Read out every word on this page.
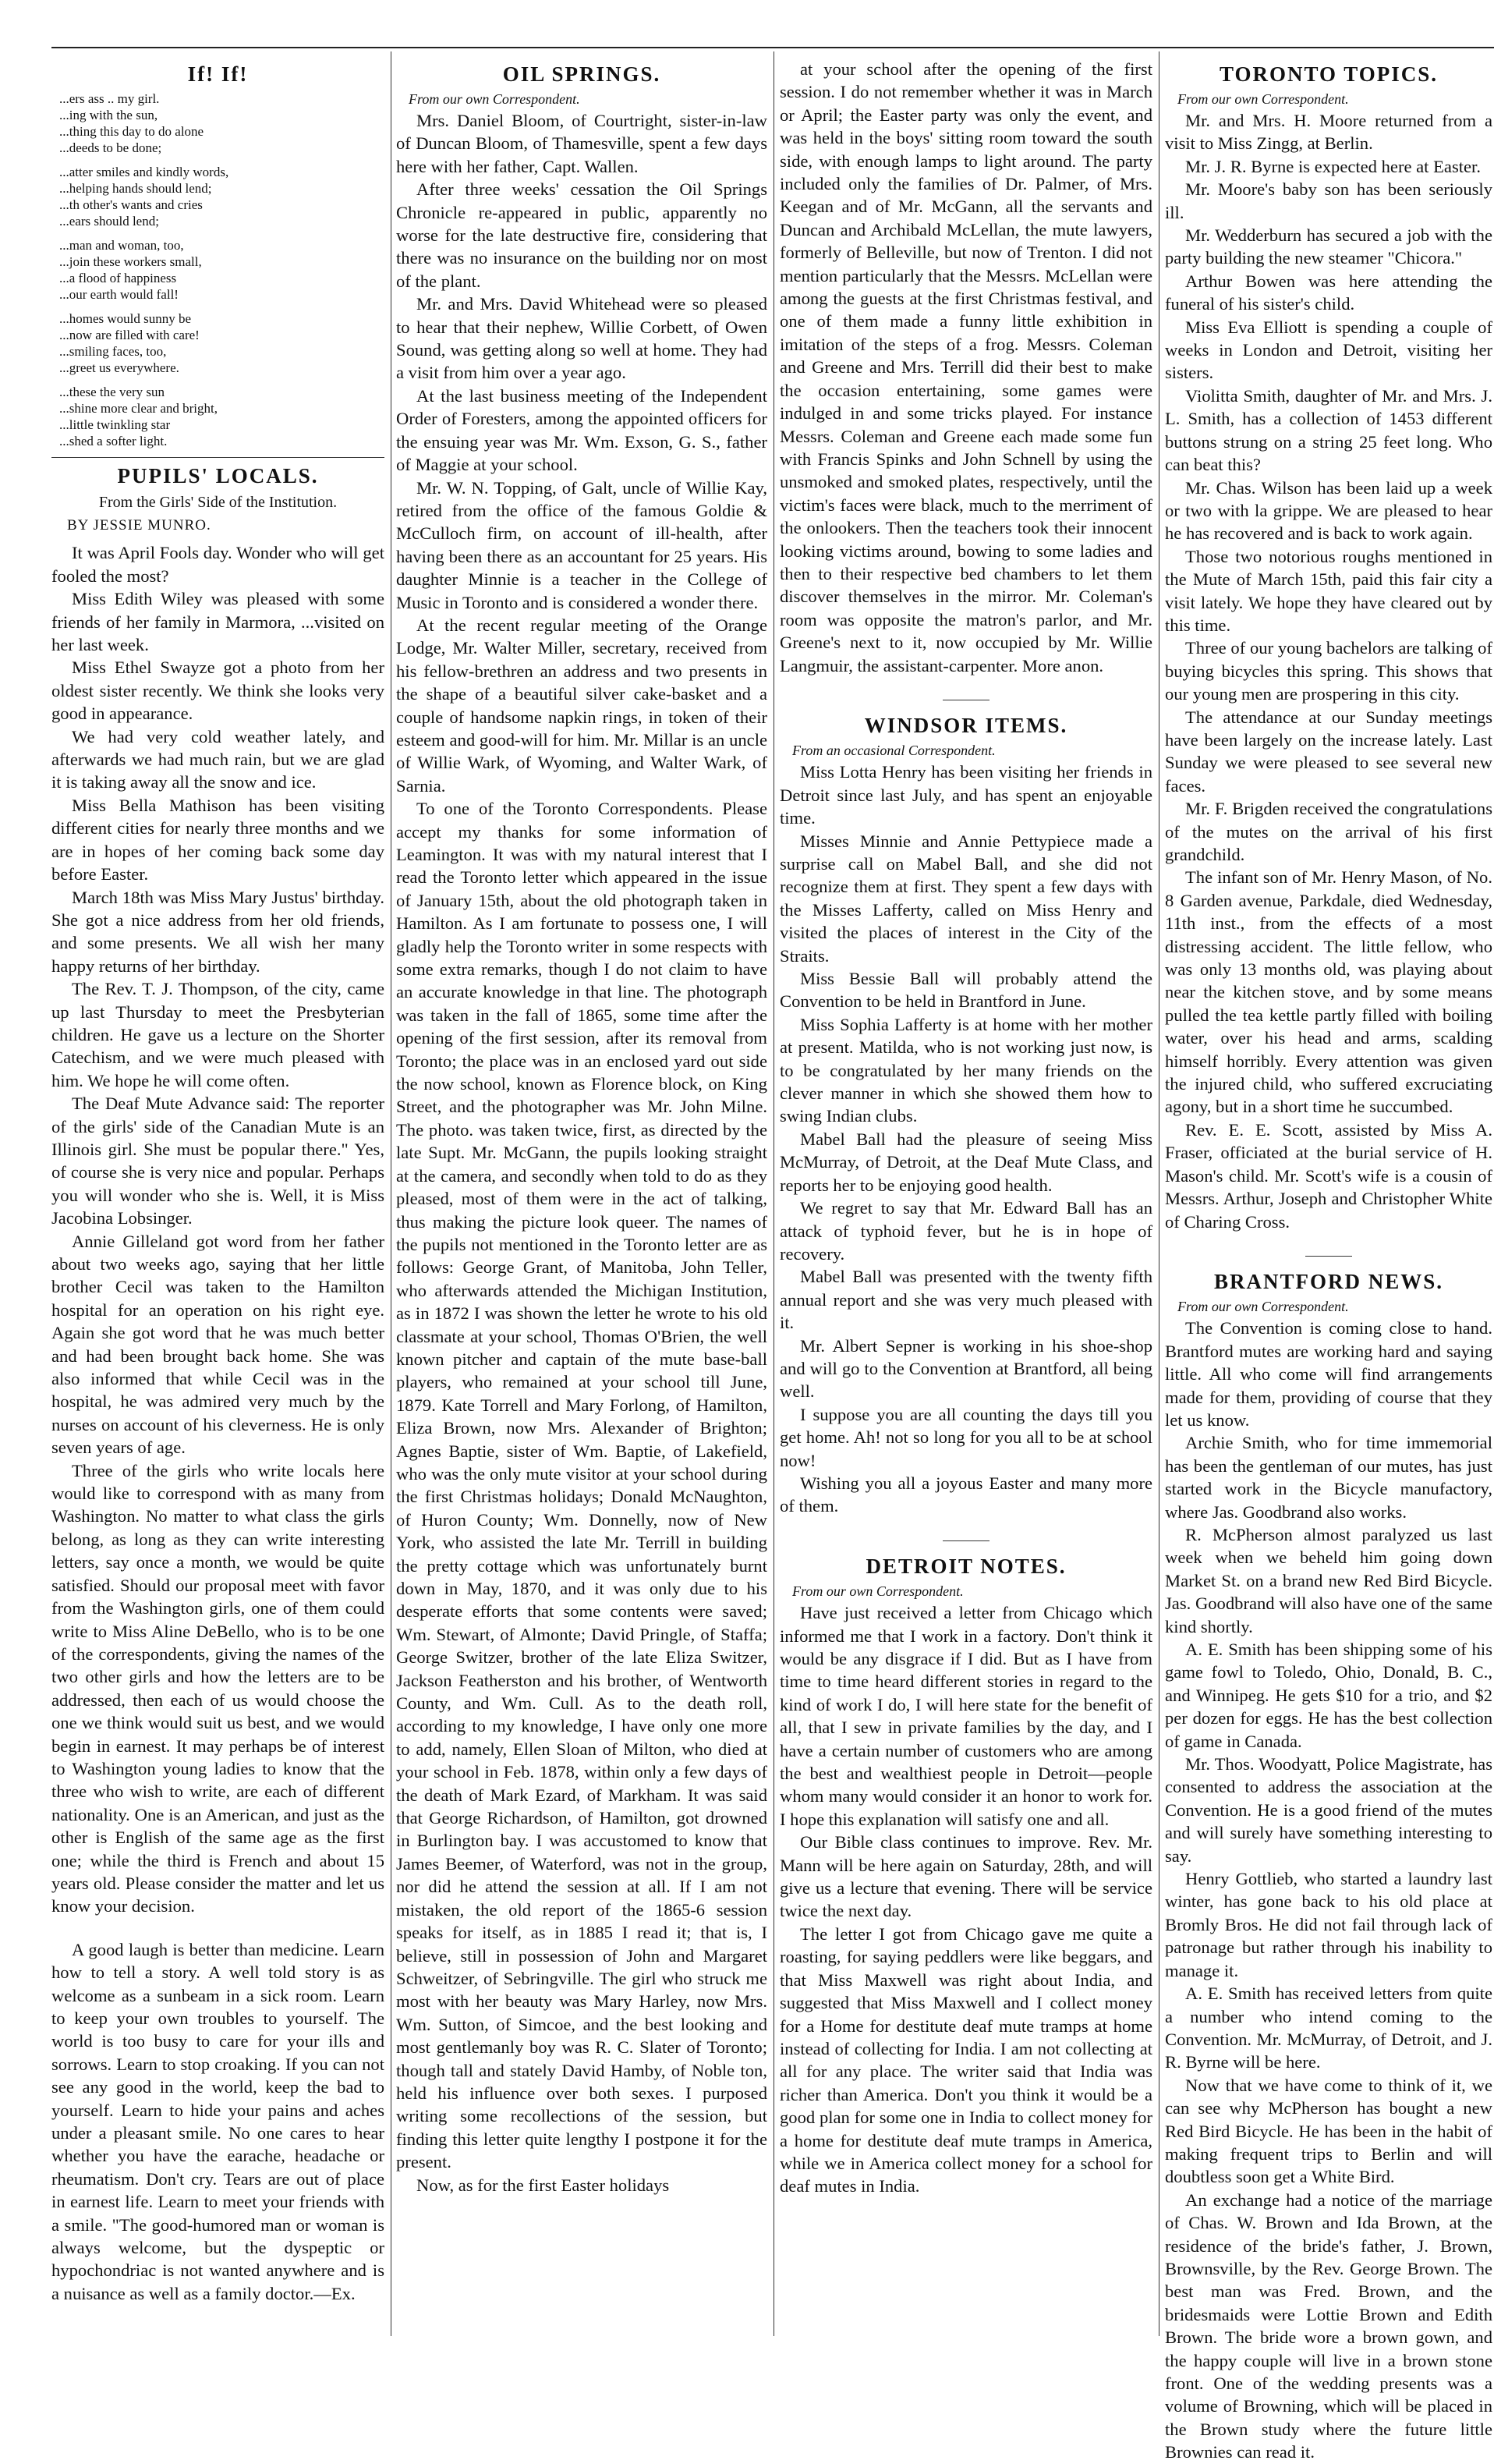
If! If!
...ers ass .. my girl.
...ing with the sun,
...thing this day to do alone
...deeds to be done;
...atter smiles and kindly words,
...helping hands should lend;
...th other's wants and cries
...ears should lend;
...man and woman, too,
...join these workers small,
...a flood of happiness
...our earth would fall!
...homes would sunny be
...now are filled with care!
...smiling faces, too,
...greet us everywhere.
...these the very sun
...shine more clear and bright,
...little twinkling star
...shed a softer light.
PUPILS' LOCALS.
From the Girls' Side of the Institution.
BY JESSIE MUNRO.

It was April Fools day. Wonder who will get fooled the most?

Miss Edith Wiley was pleased with some friends of her family in Marmora, ...visited on her last week.

Miss Ethel Swayze got a photo from her oldest sister recently. We think she looks very good in appearance.

We had very cold weather lately, and afterwards we had much rain, but we are glad it is taking away all the snow and ice.

Miss Bella Mathison has been visiting different cities for nearly three months and we are in hopes of her coming back some day before Easter.

March 18th was Miss Mary Justus' birthday. She got a nice address from her old friends, and some presents. We all wish her many happy returns of her birthday.

The Rev. T. J. Thompson, of the city, came up last Thursday to meet the Presbyterian children. He gave us a lecture on the Shorter Catechism, and we were much pleased with him. We hope he will come often.

The Deaf Mute Advance said: The reporter of the girls' side of the Canadian Mute is an Illinois girl. She must be popular there." Yes, of course she is very nice and popular. Perhaps you will wonder who she is. Well, it is Miss Jacobina Lobsinger.

Annie Gilleland got word from her father about two weeks ago, saying that her little brother Cecil was taken to the Hamilton hospital for an operation on his right eye. Again she got word that he was much better and had been brought back home. She was also informed that while Cecil was in the hospital, he was admired very much by the nurses on account of his cleverness. He is only seven years of age.

Three of the girls who write locals here would like to correspond with as many from Washington. No matter to what class the girls belong, as long as they can write interesting letters, say once a month, we would be quite satisfied. Should our proposal meet with favor from the Washington girls, one of them could write to Miss Aline DeBello, who is to be one of the correspondents, giving the names of the two other girls and how the letters are to be addressed, then each of us would choose the one we think would suit us best, and we would begin in earnest. It may perhaps be of interest to Washington young ladies to know that the three who wish to write, are each of different nationality. One is an American, and just as the other is English of the same age as the first one; while the third is French and about 15 years old. Please consider the matter and let us know your decision.

A good laugh is better than medicine. Learn how to tell a story. A well told story is as welcome as a sunbeam in a sick room. Learn to keep your own troubles to yourself. The world is too busy to care for your ills and sorrows. Learn to stop croaking. If you can not see any good in the world, keep the bad to yourself. Learn to hide your pains and aches under a pleasant smile. No one cares to hear whether you have the earache, headache or rheumatism. Don't cry. Tears are out of place in earnest life. Learn to meet your friends with a smile. "The good-humored man or woman is always welcome, but the dyspeptic or hypochondriac is not wanted anywhere and is a nuisance as well as a family doctor.—Ex.

OIL SPRINGS.
From our own Correspondent.

Mrs. Daniel Bloom, of Courtright, sister-in-law of Duncan Bloom, of Thamesville, spent a few days here with her father, Capt. Wallen.

After three weeks' cessation the Oil Springs Chronicle re-appeared in public, apparently no worse for the late destructive fire, considering that there was no insurance on the building nor on most of the plant.

Mr. and Mrs. David Whitehead were so pleased to hear that their nephew, Willie Corbett, of Owen Sound, was getting along so well at home. They had a visit from him over a year ago.

At the last business meeting of the Independent Order of Foresters, among the appointed officers for the ensuing year was Mr. Wm. Exson, G. S., father of Maggie at your school.

Mr. W. N. Topping, of Galt, uncle of Willie Kay, retired from the office of the famous Goldie & McCulloch firm, on account of ill-health, after having been there as an accountant for 25 years. His daughter Minnie is a teacher in the College of Music in Toronto and is considered a wonder there.

At the recent regular meeting of the Orange Lodge, Mr. Walter Miller, secretary, received from his fellow-brethren an address and two presents in the shape of a beautiful silver cake-basket and a couple of handsome napkin rings, in token of their esteem and good-will for him. Mr. Millar is an uncle of Willie Wark, of Wyoming, and Walter Wark, of Sarnia.

To one of the Toronto Correspondents. Please accept my thanks for some information of Leamington. It was with my natural interest that I read the Toronto letter which appeared in the issue of January 15th, about the old photograph taken in Hamilton. As I am fortunate to possess one, I will gladly help the Toronto writer in some respects with some extra remarks, though I do not claim to have an accurate knowledge in that line. The photograph was taken in the fall of 1865, some time after the opening of the first session, after its removal from Toronto; the place was in an enclosed yard out side the now school, known as Florence block, on King Street, and the photographer was Mr. John Milne. The photo. was taken twice, first, as directed by the late Supt. Mr. McGann, the pupils looking straight at the camera, and secondly when told to do as they pleased, most of them were in the act of talking, thus making the picture look queer. The names of the pupils not mentioned in the Toronto letter are as follows: George Grant, of Manitoba, John Teller, who afterwards attended the Michigan Institution, as in 1872 I was shown the letter he wrote to his old classmate at your school, Thomas O'Brien, the well known pitcher and captain of the mute base-ball players, who remained at your school till June, 1879. Kate Torrell and Mary Forlong, of Hamilton, Eliza Brown, now Mrs. Alexander of Brighton; Agnes Baptie, sister of Wm. Baptie, of Lakefield, who was the only mute visitor at your school during the first Christmas holidays; Donald McNaughton, of Huron County; Wm. Donnelly, now of New York, who assisted the late Mr. Terrill in building the pretty cottage which was unfortunately burnt down in May, 1870, and it was only due to his desperate efforts that some contents were saved; Wm. Stewart, of Almonte; David Pringle, of Staffa; George Switzer, brother of the late Eliza Switzer, Jackson Featherston and his brother, of Wentworth County, and Wm. Cull. As to the death roll, according to my knowledge, I have only one more to add, namely, Ellen Sloan of Milton, who died at your school in Feb. 1878, within only a few days of the death of Mark Ezard, of Markham. It was said that George Richardson, of Hamilton, got drowned in Burlington bay. I was accustomed to know that James Beemer, of Waterford, was not in the group, nor did he attend the session at all. If I am not mistaken, the old report of the 1865-6 session speaks for itself, as in 1885 I read it; that is, I believe, still in possession of John and Margaret Schweitzer, of Sebringville. The girl who struck me most with her beauty was Mary Harley, now Mrs. Wm. Sutton, of Simcoe, and the best looking and most gentlemanly boy was R. C. Slater of Toronto; though tall and stately David Hamby, of Noble ton, held his influence over both sexes. I purposed writing some recollections of the session, but finding this letter quite lengthy I postpone it for the present.

Now, as for the first Easter holidays

at your school after the opening of the first session. I do not remember whether it was in March or April; the Easter party was only the event, and was held in the boys' sitting room toward the south side, with enough lamps to light around. The party included only the families of Dr. Palmer, of Mrs. Keegan and of Mr. McGann, all the servants and Duncan and Archibald McLellan, the mute lawyers, formerly of Belleville, but now of Trenton. I did not mention particularly that the Messrs. McLellan were among the guests at the first Christmas festival, and one of them made a funny little exhibition in imitation of the steps of a frog. Messrs. Coleman and Greene and Mrs. Terrill did their best to make the occasion entertaining, some games were indulged in and some tricks played. For instance Messrs. Coleman and Greene each made some fun with Francis Spinks and John Schnell by using the unsmoked and smoked plates, respectively, until the victim's faces were black, much to the merriment of the onlookers. Then the teachers took their innocent looking victims around, bowing to some ladies and then to their respective bed chambers to let them discover themselves in the mirror. Mr. Coleman's room was opposite the matron's parlor, and Mr. Greene's next to it, now occupied by Mr. Willie Langmuir, the assistant-carpenter. More anon.

WINDSOR ITEMS.
From an occasional Correspondent.

Miss Lotta Henry has been visiting her friends in Detroit since last July, and has spent an enjoyable time.

Misses Minnie and Annie Pettypiece made a surprise call on Mabel Ball, and she did not recognize them at first. They spent a few days with the Misses Lafferty, called on Miss Henry and visited the places of interest in the City of the Straits.

Miss Bessie Ball will probably attend the Convention to be held in Brantford in June.

Miss Sophia Lafferty is at home with her mother at present. Matilda, who is not working just now, is to be congratulated by her many friends on the clever manner in which she showed them how to swing Indian clubs.

Mabel Ball had the pleasure of seeing Miss McMurray, of Detroit, at the Deaf Mute Class, and reports her to be enjoying good health.

We regret to say that Mr. Edward Ball has an attack of typhoid fever, but he is in hope of recovery.

Mabel Ball was presented with the twenty fifth annual report and she was very much pleased with it.

Mr. Albert Sepner is working in his shoe-shop and will go to the Convention at Brantford, all being well.

I suppose you are all counting the days till you get home. Ah! not so long for you all to be at school now!

Wishing you all a joyous Easter and many more of them.

DETROIT NOTES.
From our own Correspondent.

Have just received a letter from Chicago which informed me that I work in a factory. Don't think it would be any disgrace if I did. But as I have from time to time heard different stories in regard to the kind of work I do, I will here state for the benefit of all, that I sew in private families by the day, and I have a certain number of customers who are among the best and wealthiest people in Detroit—people whom many would consider it an honor to work for. I hope this explanation will satisfy one and all.

Our Bible class continues to improve. Rev. Mr. Mann will be here again on Saturday, 28th, and will give us a lecture that evening. There will be service twice the next day.

The letter I got from Chicago gave me quite a roasting, for saying peddlers were like beggars, and that Miss Maxwell was right about India, and suggested that Miss Maxwell and I collect money for a Home for destitute deaf mute tramps at home instead of collecting for India. I am not collecting at all for any place. The writer said that India was richer than America. Don't you think it would be a good plan for some one in India to collect money for a home for destitute deaf mute tramps in America, while we in America collect money for a school for deaf mutes in India.

TORONTO TOPICS.
From our own Correspondent.

Mr. and Mrs. H. Moore returned from a visit to Miss Zingg, at Berlin.

Mr. J. R. Byrne is expected here at Easter.

Mr. Moore's baby son has been seriously ill.

Mr. Wedderburn has secured a job with the party building the new steamer "Chicora."

Arthur Bowen was here attending the funeral of his sister's child.

Miss Eva Elliott is spending a couple of weeks in London and Detroit, visiting her sisters.

Violitta Smith, daughter of Mr. and Mrs. J. L. Smith, has a collection of 1453 different buttons strung on a string 25 feet long. Who can beat this?

Mr. Chas. Wilson has been laid up a week or two with la grippe. We are pleased to hear he has recovered and is back to work again.

Those two notorious roughs mentioned in the Mute of March 15th, paid this fair city a visit lately. We hope they have cleared out by this time.

Three of our young bachelors are talking of buying bicycles this spring. This shows that our young men are prospering in this city.

The attendance at our Sunday meetings have been largely on the increase lately. Last Sunday we were pleased to see several new faces.

Mr. F. Brigden received the congratulations of the mutes on the arrival of his first grandchild.

The infant son of Mr. Henry Mason, of No. 8 Garden avenue, Parkdale, died Wednesday, 11th inst., from the effects of a most distressing accident. The little fellow, who was only 13 months old, was playing about near the kitchen stove, and by some means pulled the tea kettle partly filled with boiling water, over his head and arms, scalding himself horribly. Every attention was given the injured child, who suffered excruciating agony, but in a short time he succumbed.

Rev. E. E. Scott, assisted by Miss A. Fraser, officiated at the burial service of H. Mason's child. Mr. Scott's wife is a cousin of Messrs. Arthur, Joseph and Christopher White of Charing Cross.

BRANTFORD NEWS.
From our own Correspondent.

The Convention is coming close to hand. Brantford mutes are working hard and saying little. All who come will find arrangements made for them, providing of course that they let us know.

Archie Smith, who for time immemorial has been the gentleman of our mutes, has just started work in the Bicycle manufactory, where Jas. Goodbrand also works.

R. McPherson almost paralyzed us last week when we beheld him going down Market St. on a brand new Red Bird Bicycle. Jas. Goodbrand will also have one of the same kind shortly.

A. E. Smith has been shipping some of his game fowl to Toledo, Ohio, Donald, B. C., and Winnipeg. He gets $10 for a trio, and $2 per dozen for eggs. He has the best collection of game in Canada.

Mr. Thos. Woodyatt, Police Magistrate, has consented to address the association at the Convention. He is a good friend of the mutes and will surely have something interesting to say.

Henry Gottlieb, who started a laundry last winter, has gone back to his old place at Bromly Bros. He did not fail through lack of patronage but rather through his inability to manage it.

A. E. Smith has received letters from quite a number who intend coming to the Convention. Mr. McMurray, of Detroit, and J. R. Byrne will be here.

Now that we have come to think of it, we can see why McPherson has bought a new Red Bird Bicycle. He has been in the habit of making frequent trips to Berlin and will doubtless soon get a White Bird.

An exchange had a notice of the marriage of Chas. W. Brown and Ida Brown, at the residence of the bride's father, J. Brown, Brownsville, by the Rev. George Brown. The best man was Fred. Brown, and the bridesmaids were Lottie Brown and Edith Brown. The bride wore a brown gown, and the happy couple will live in a brown stone front. One of the wedding presents was a volume of Browning, which will be placed in the Brown study where the future little Brownies can read it.
